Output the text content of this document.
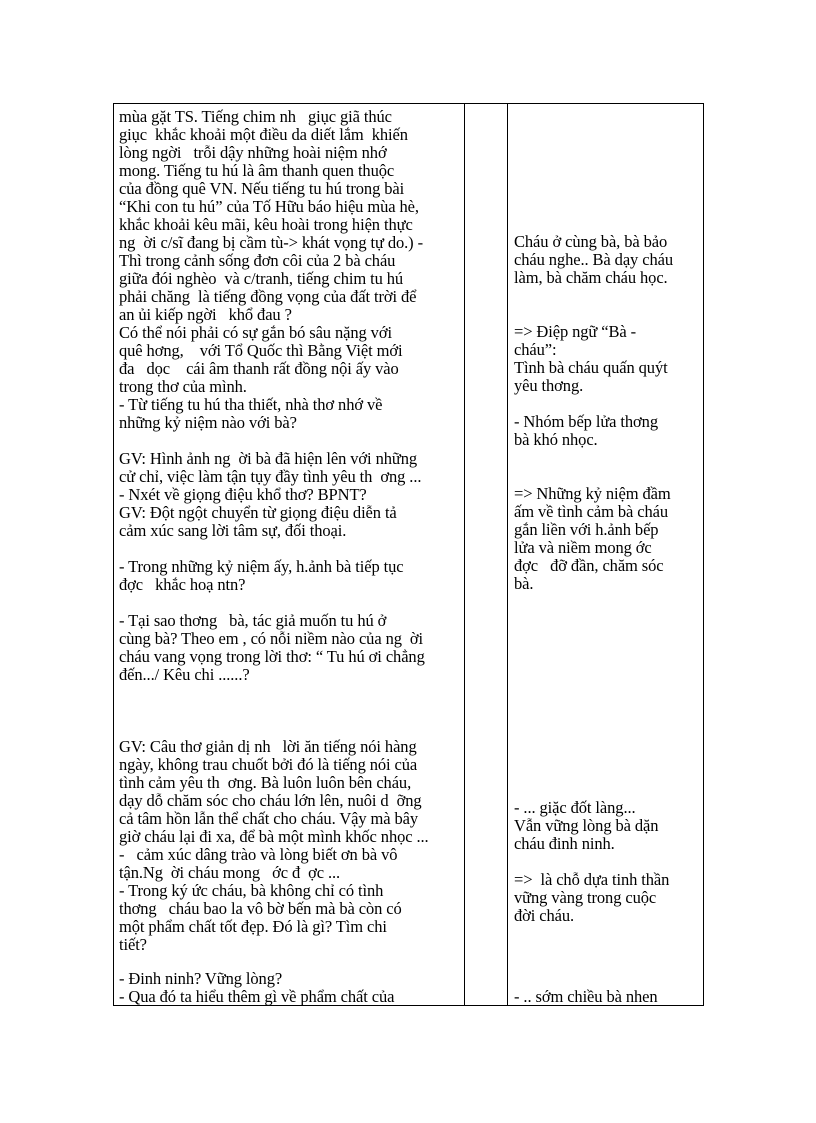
mùa gặt TS. Tiếng chim nh   giục giã thúc
giục  khắc khoải một điều da diết lắm  khiến
lòng ngời   trỗi dậy những hoài niệm nhớ
mong. Tiếng tu hú là âm thanh quen thuộc
của đồng quê VN. Nếu tiếng tu hú trong bài
“Khi con tu hú” của Tố Hữu báo hiệu mùa hè,
khắc khoải kêu mãi, kêu hoài trong hiện thực
ng  ời c/sĩ đang bị cầm tù-> khát vọng tự do.) -
Thì trong cảnh sống đơn côi của 2 bà cháu
giữa đói nghèo  và c/tranh, tiếng chim tu hú
phải chăng  là tiếng đồng vọng của đất trời để
an ủi kiếp ngời   khổ đau ?
Có thể nói phải có sự gắn bó sâu nặng với
quê hơng,    với Tổ Quốc thì Bằng Việt mới
đa   dọc    cái âm thanh rất đồng nội ấy vào
trong thơ của mình.
- Từ tiếng tu hú tha thiết, nhà thơ nhớ về
những kỷ niệm nào với bà?
GV: Hình ảnh ng  ời bà đã hiện lên với những
cử chỉ, việc làm tận tụy đầy tình yêu th  ơng ...
- Nxét về giọng điệu khổ thơ? BPNT?
GV: Đột ngột chuyển từ giọng điệu diễn tả
cảm xúc sang lời tâm sự, đối thoại.
- Trong những kỷ niệm ấy, h.ảnh bà tiếp tục
đợc   khắc hoạ ntn?
- Tại sao thơng   bà, tác giả muốn tu hú ở
cùng bà? Theo em , có nỗi niềm nào của ng  ời
cháu vang vọng trong lời thơ: “ Tu hú ơi chẳng
đến.../ Kêu chi ......?
GV: Câu thơ giản dị nh   lời ăn tiếng nói hàng
ngày, không trau chuốt bởi đó là tiếng nói của
tình cảm yêu th  ơng. Bà luôn luôn bên cháu,
dạy dỗ chăm sóc cho cháu lớn lên, nuôi d  ỡng
cả tâm hồn lẫn thể chất cho cháu. Vậy mà bây
giờ cháu lại đi xa, để bà một mình khốc nhọc ...
-   cảm xúc dâng trào và lòng biết ơn bà vô
tận.Ng  ời cháu mong   ớc đ  ợc ...
- Trong ký ức cháu, bà không chỉ có tình
thơng   cháu bao la vô bờ bến mà bà còn có
một phẩm chất tốt đẹp. Đó là gì? Tìm chi
tiết?
- Đinh ninh? Vững lòng?
- Qua đó ta hiểu thêm gì về phẩm chất của
Cháu ở cùng bà, bà bảo
cháu nghe.. Bà dạy cháu
làm, bà chăm cháu học.
=> Điệp ngữ “Bà -
cháu”:
Tình bà cháu quấn quýt
yêu thơng.
- Nhóm bếp lửa thơng
bà khó nhọc.
=> Những kỷ niệm đầm
ấm về tình cảm bà cháu
gắn liền với h.ảnh bếp
lửa và niềm mong ớc
đợc   đỡ đần, chăm sóc
bà.
- ... giặc đốt làng...
Vẫn vững lòng bà dặn
cháu đinh ninh.
=>  là chỗ dựa tinh thần
vững vàng trong cuộc
đời cháu.
- .. sớm chiều bà nhen
